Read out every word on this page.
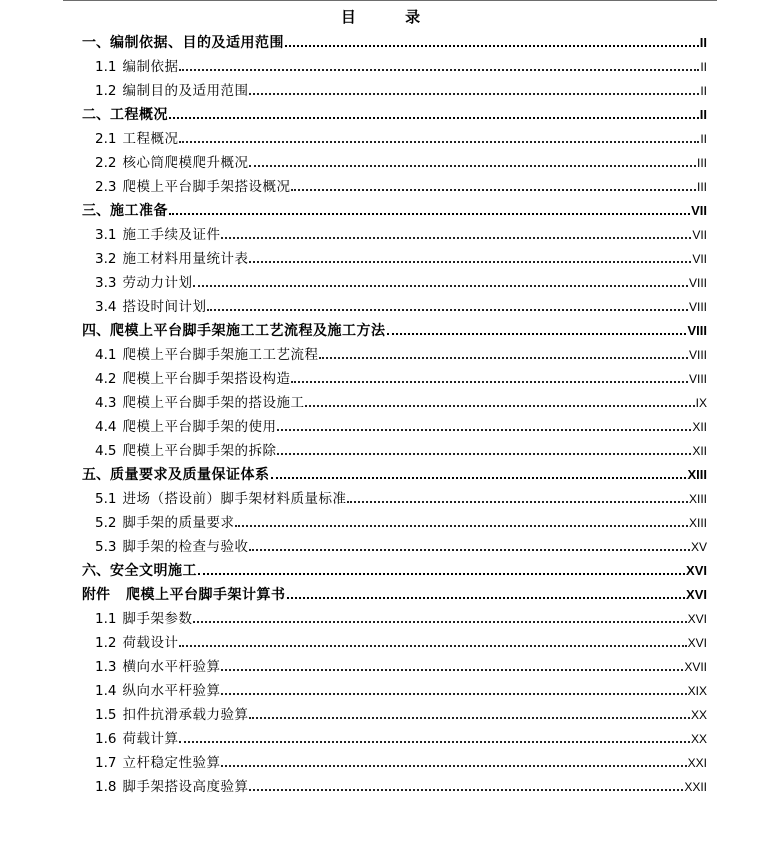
目 录
一、 编制依据、目的及适用范围	II
1.1 编制依据	II
1.2 编制目的及适用范围	II
二、 工程概况	II
2.1 工程概况	II
2.2 核心筒爬模爬升概况	III
2.3 爬模上平台脚手架搭设概况	III
三、 施工准备	VII
3.1 施工手续及证件	VII
3.2 施工材料用量统计表	VII
3.3 劳动力计划	VIII
3.4 搭设时间计划	VIII
四、 爬模上平台脚手架施工工艺流程及施工方法	VIII
4.1 爬模上平台脚手架施工工艺流程	VIII
4.2 爬模上平台脚手架搭设构造	VIII
4.3 爬模上平台脚手架的搭设施工	IX
4.4 爬模上平台脚手架的使用	XII
4.5 爬模上平台脚手架的拆除	XII
五、 质量要求及质量保证体系	XIII
5.1 进场（搭设前）脚手架材料质量标准	XIII
5.2 脚手架的质量要求	XIII
5.3 脚手架的检查与验收	XV
六、 安全文明施工	XVI
附件	爬模上平台脚手架计算书	XVI
1.1 脚手架参数	XVI
1.2 荷载设计	XVI
1.3 横向水平杆验算	XVII
1.4 纵向水平杆验算	XIX
1.5 扣件抗滑承载力验算	XX
1.6 荷载计算	XX
1.7 立杆稳定性验算	XXI
1.8 脚手架搭设高度验算	XXII
